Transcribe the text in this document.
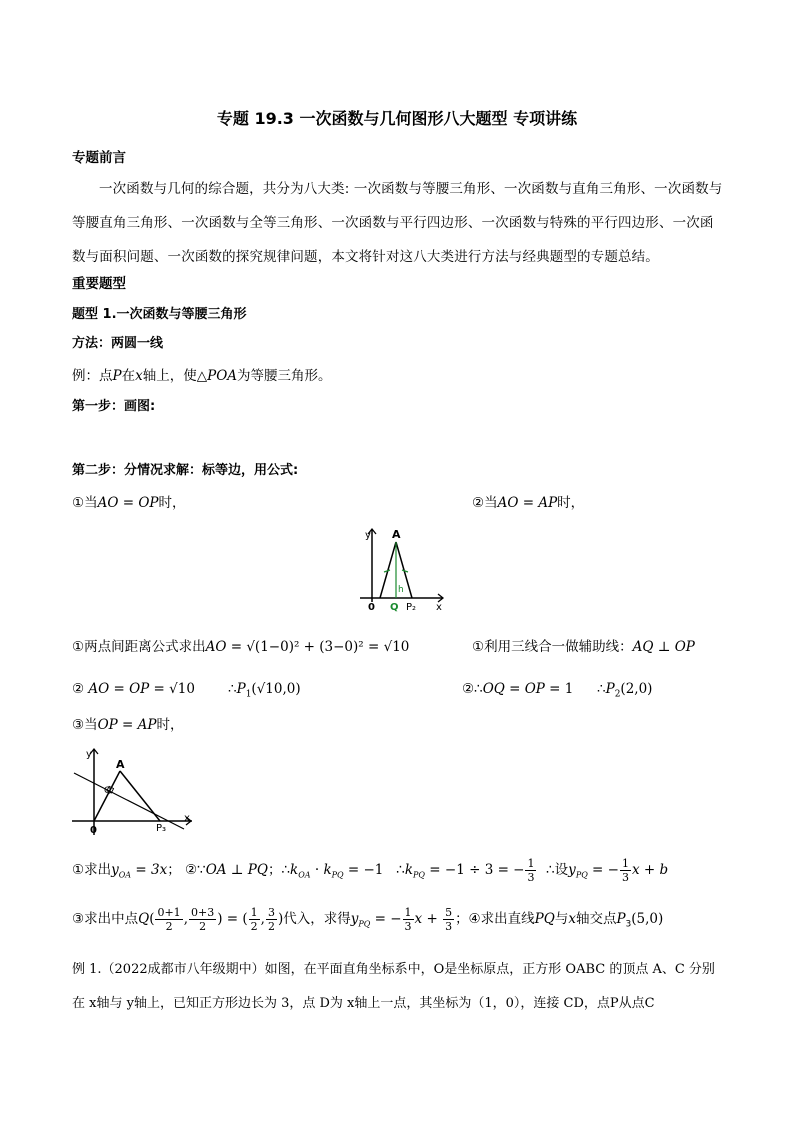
专题 19.3 一次函数与几何图形八大题型 专项讲练
专题前言
一次函数与几何的综合题，共分为八大类: 一次函数与等腰三角形、一次函数与直角三角形、一次函数与等腰直角三角形、一次函数与全等三角形、一次函数与平行四边形、一次函数与特殊的平行四边形、一次函数与面积问题、一次函数的探究规律问题，本文将针对这八大类进行方法与经典题型的专题总结。
重要题型
题型 1.一次函数与等腰三角形
方法：两圆一线
例：点P在x轴上，使△POA为等腰三角形。
第一步：画图:
第二步：分情况求解：标等边，用公式:
①当AO = OP时，	②当AO = AP时，
y
x
A
0 Q P₂
h
①两点间距离公式求出AO = √(1−0)² + (3−0)² = √10	①利用三线合一做辅助线：AQ ⊥ OP
② AO = OP = √10 $\therefore P_1(√10,0)$	②∴OQ = OP = 1 $\therefore P_2(2,0)$
③当OP = AP时，
y
x
A
0
Q
P₃
①求出$y_{OA} = 3x$； ②∵OA ⊥ PQ；$\therefore k_{OA} \cdot k_{PQ} = -1$   $\therefore k_{PQ} = -1 \div 3$ = − $\frac{1}{3}$ ∴设$y_{PQ}$ = − $\frac{1}{3}$ x + b
③求出中点$Q( \frac{0+1}{2}$ , $\frac{0+3}{2}$ ) = ( $\frac{1}{2}$ , $\frac{3}{2}$ )代入，求得$y_{PQ}$ = − $\frac{1}{3}$ $x + \frac{5}{3}$ ；④求出直线PQ与x轴交点$P_3(5,0)$
例 1.（2022成都市八年级期中）如图，在平面直角坐标系中，O是坐标原点，正方形 OABC 的顶点 A、C 分别在 x轴与 y轴上，已知正方形边长为 3，点 D为 x轴上一点，其坐标为（1，0），连接 CD，点P从点C
